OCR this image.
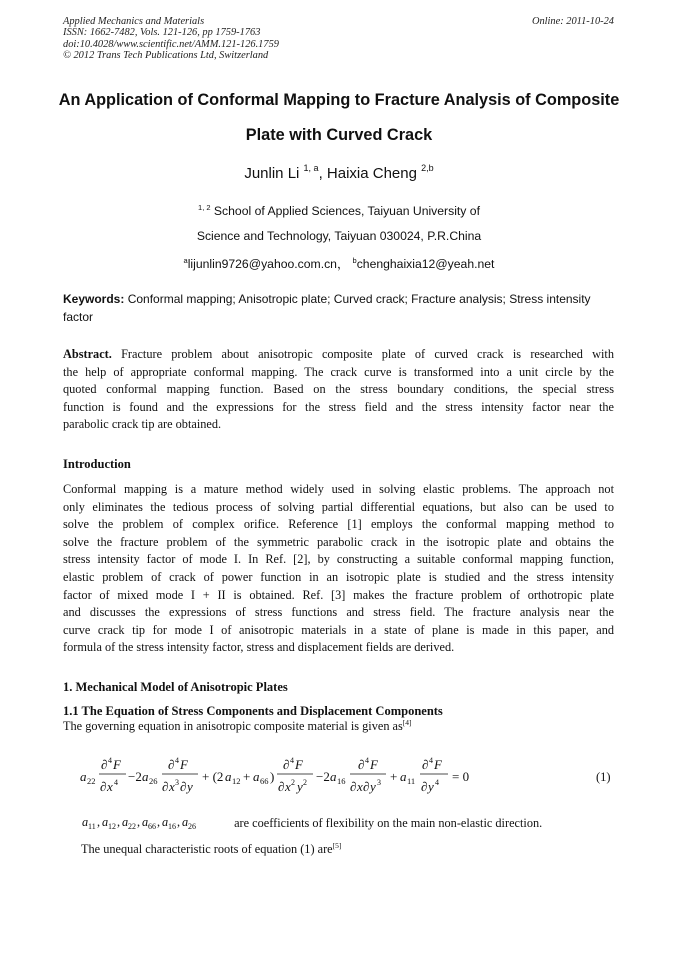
Applied Mechanics and Materials
ISSN: 1662-7482, Vols. 121-126, pp 1759-1763
doi:10.4028/www.scientific.net/AMM.121-126.1759
© 2012 Trans Tech Publications Ltd, Switzerland
Online: 2011-10-24
An Application of Conformal Mapping to Fracture Analysis of Composite
Plate with Curved Crack
Junlin Li $^{1, a}$, Haixia Cheng $^{2,b}$
$^{1, 2}$ School of Applied Sciences, Taiyuan University of
Science and Technology, Taiyuan 030024, P.R.China
$^a$lijunlin9726@yahoo.com.cn， $^b$chenghaixia12@yeah.net
Keywords: Conformal mapping; Anisotropic plate; Curved crack; Fracture analysis; Stress intensity factor
Abstract. Fracture problem about anisotropic composite plate of curved crack is researched with
the help of appropriate conformal mapping. The crack curve is transformed into a unit circle by the
quoted conformal mapping function. Based on the stress boundary conditions, the special stress
function is found and the expressions for the stress field and the stress intensity factor near the
parabolic crack tip are obtained.
Introduction
Conformal mapping is a mature method widely used in solving elastic problems. The approach not
only eliminates the tedious process of solving partial differential equations, but also can be used to
solve the problem of complex orifice. Reference [1] employs the conformal mapping method to
solve the fracture problem of the symmetric parabolic crack in the isotropic plate and obtains the
stress intensity factor of mode I. In Ref. [2], by constructing a suitable conformal mapping function,
elastic problem of crack of power function in an isotropic plate is studied and the stress intensity
factor of mixed mode I + II is obtained. Ref. [3] makes the fracture problem of orthotropic plate
and discusses the expressions of stress functions and stress field. The fracture analysis near the
curve crack tip for mode I of anisotropic materials in a state of plane is made in this paper, and
formula of the stress intensity factor, stress and displacement fields are derived.
1. Mechanical Model of Anisotropic Plates
1.1 The Equation of Stress Components and Displacement Components
The governing equation in anisotropic composite material is given as[4]
a 22
∂ 4 F
∂ x 4 −2 a 26
∂ 4 F
∂ x 3 ∂ y
+ (2 a 12 + a 66 )
∂ 4 F
∂ x 2 y 2 −2 a 16
∂ 4 F
∂ x ∂ y 3 + a 11
∂ 4 F
∂ y 4 = 0	(1)
a 11 , a 12 , a 22 , a 66 , a 16 , a 26	are coefficients of flexibility on the main non-elastic direction.
The unequal characteristic roots of equation (1) are[5]
